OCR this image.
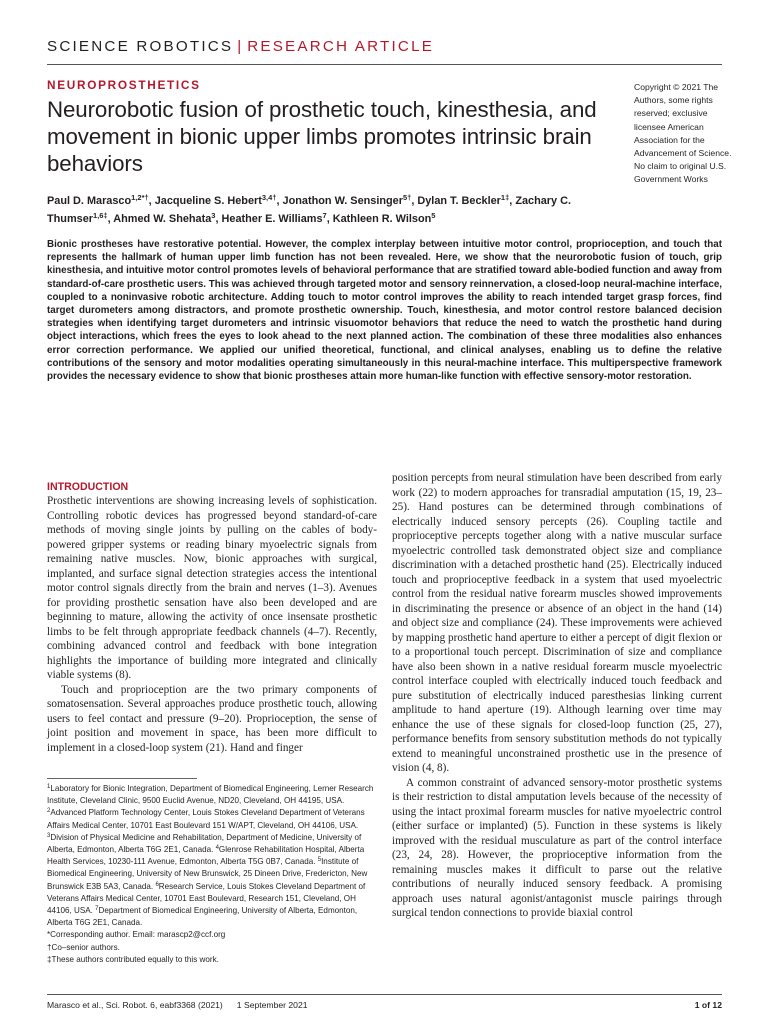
SCIENCE ROBOTICS | RESEARCH ARTICLE
NEUROPROSTHETICS
Neurorobotic fusion of prosthetic touch, kinesthesia, and movement in bionic upper limbs promotes intrinsic brain behaviors
Paul D. Marasco$^{1,2*\dagger}$, Jacqueline S. Hebert$^{3,4\dagger}$, Jonathon W. Sensinger$^{5\dagger}$, Dylan T. Beckler$^{1\ddagger}$, Zachary C. Thumser$^{1,6\ddagger}$, Ahmed W. Shehata$^3$, Heather E. Williams$^7$, Kathleen R. Wilson$^5$
Copyright © 2021 The Authors, some rights reserved; exclusive licensee American Association for the Advancement of Science. No claim to original U.S. Government Works

Bionic prostheses have restorative potential. However, the complex interplay between intuitive motor control, proprioception, and touch that represents the hallmark of human upper limb function has not been revealed. Here, we show that the neurorobotic fusion of touch, grip kinesthesia, and intuitive motor control promotes levels of behavioral performance that are stratified toward able-bodied function and away from standard-of-care prosthetic users. This was achieved through targeted motor and sensory reinnervation, a closed-loop neural-machine interface, coupled to a noninvasive robotic architecture. Adding touch to motor control improves the ability to reach intended target grasp forces, find target durometers among distractors, and promote prosthetic ownership. Touch, kinesthesia, and motor control restore balanced decision strategies when identifying target durometers and intrinsic visuomotor behaviors that reduce the need to watch the prosthetic hand during object interactions, which frees the eyes to look ahead to the next planned action. The combination of these three modalities also enhances error correction performance. We applied our unified theoretical, functional, and clinical analyses, enabling us to define the relative contributions of the sensory and motor modalities operating simultaneously in this neural-machine interface. This multiperspective framework provides the necessary evidence to show that bionic prostheses attain more human-like function with effective sensory-motor restoration.

INTRODUCTION

Prosthetic interventions are showing increasing levels of sophistication. Controlling robotic devices has progressed beyond standard-of-care methods of moving single joints by pulling on the cables of body-powered gripper systems or reading binary myoelectric signals from remaining native muscles. Now, bionic approaches with surgical, implanted, and surface signal detection strategies access the intentional motor control signals directly from the brain and nerves (1–3). Avenues for providing prosthetic sensation have also been developed and are beginning to mature, allowing the activity of once insensate prosthetic limbs to be felt through appropriate feedback channels (4–7). Recently, combining advanced control and feedback with bone integration highlights the importance of building more integrated and clinically viable systems (8).

Touch and proprioception are the two primary components of somatosensation. Several approaches produce prosthetic touch, allowing users to feel contact and pressure (9–20). Proprioception, the sense of joint position and movement in space, has been more difficult to implement in a closed-loop system (21). Hand and finger

position percepts from neural stimulation have been described from early work (22) to modern approaches for transradial amputation (15, 19, 23–25). Hand postures can be determined through combinations of electrically induced sensory percepts (26). Coupling tactile and proprioceptive percepts together along with a native muscular surface myoelectric controlled task demonstrated object size and compliance discrimination with a detached prosthetic hand (25). Electrically induced touch and proprioceptive feedback in a system that used myoelectric control from the residual native forearm muscles showed improvements in discriminating the presence or absence of an object in the hand (14) and object size and compliance (24). These improvements were achieved by mapping prosthetic hand aperture to either a percept of digit flexion or to a proportional touch percept. Discrimination of size and compliance have also been shown in a native residual forearm muscle myoelectric control interface coupled with electrically induced touch feedback and pure substitution of electrically induced paresthesias linking current amplitude to hand aperture (19). Although learning over time may enhance the use of these signals for closed-loop function (25, 27), performance benefits from sensory substitution methods do not typically extend to meaningful unconstrained prosthetic use in the presence of vision (4, 8).

A common constraint of advanced sensory-motor prosthetic systems is their restriction to distal amputation levels because of the necessity of using the intact proximal forearm muscles for native myoelectric control (either surface or implanted) (5). Function in these systems is likely improved with the residual musculature as part of the control interface (23, 24, 28). However, the proprioceptive information from the remaining muscles makes it difficult to parse out the relative contributions of neurally induced sensory feedback. A promising approach uses natural agonist/antagonist muscle pairings through surgical tendon connections to provide biaxial control

$^1$Laboratory for Bionic Integration, Department of Biomedical Engineering, Lerner Research Institute, Cleveland Clinic, 9500 Euclid Avenue, ND20, Cleveland, OH 44195, USA. $^2$Advanced Platform Technology Center, Louis Stokes Cleveland Department of Veterans Affairs Medical Center, 10701 East Boulevard 151 W/APT, Cleveland, OH 44106, USA. $^3$Division of Physical Medicine and Rehabilitation, Department of Medicine, University of Alberta, Edmonton, Alberta T6G 2E1, Canada. $^4$Glenrose Rehabilitation Hospital, Alberta Health Services, 10230-111 Avenue, Edmonton, Alberta T5G 0B7, Canada. $^5$Institute of Biomedical Engineering, University of New Brunswick, 25 Dineen Drive, Fredericton, New Brunswick E3B 5A3, Canada. $^6$Research Service, Louis Stokes Cleveland Department of Veterans Affairs Medical Center, 10701 East Boulevard, Research 151, Cleveland, OH 44106, USA. $^7$Department of Biomedical Engineering, University of Alberta, Edmonton, Alberta T6G 2E1, Canada.
*Corresponding author. Email: marascp2@ccf.org
†Co–senior authors.
‡These authors contributed equally to this work.
Marasco et al., Sci. Robot. 6, eabf3368 (2021) 1 September 2021	1 of 12
